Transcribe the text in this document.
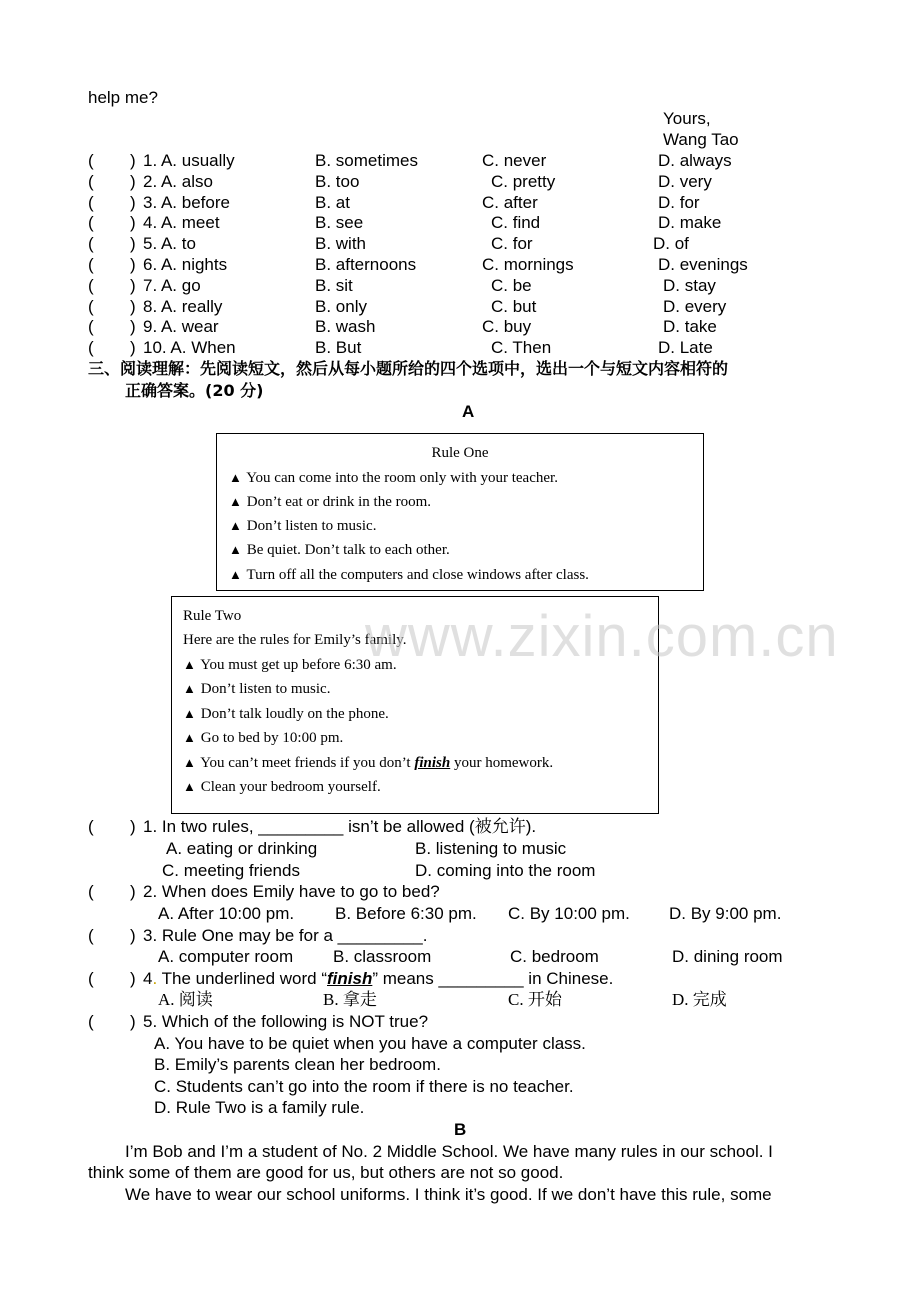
help me?
Yours,
Wang Tao
( ) 1. A. usually	B. sometimes	C. never	D. always
( ) 2. A. also	B. too	C. pretty	D. very
( ) 3. A. before	B. at	C. after	D. for
( ) 4. A. meet	B. see	C. find	D. make
( ) 5. A. to	B. with	C. for	D. of
( ) 6. A. nights	B. afternoons	C. mornings	D. evenings
( ) 7. A. go	B. sit	C. be	D. stay
( ) 8. A. really	B. only	C. but	D. every
( ) 9. A. wear	B. wash	C. buy	D. take
( ) 10. A. When	B. But	C. Then	D. Late
三、阅读理解：先阅读短文，然后从每小题所给的四个选项中，选出一个与短文内容相符的
正确答案。(20 分)
A
Rule One
▲ You can come into the room only with your teacher.
▲ Don’t eat or drink in the room.
▲ Don’t listen to music.
▲ Be quiet. Don’t talk to each other.
▲ Turn off all the computers and close windows after class.
Rule Two
Here are the rules for Emily’s family.
▲ You must get up before 6:30 am.
▲ Don’t listen to music.
▲ Don’t talk loudly on the phone.
▲ Go to bed by 10:00 pm.
▲ You can’t meet friends if you don’t finish your homework.
▲ Clean your bedroom yourself.
www.zixin.com.cn
( ) 1. In two rules, _________ isn’t be allowed (被允许).
A. eating or drinking	B. listening to music
C. meeting friends	D. coming into the room
( ) 2. When does Emily have to go to bed?
A. After 10:00 pm. B. Before 6:30 pm. C. By 10:00 pm. D. By 9:00 pm.
( ) 3. Rule One may be for a _________.
A. computer room B. classroom	C. bedroom	D. dining room
( ) 4. The underlined word “finish” means _________ in Chinese.
A. 阅读	B. 拿走	C. 开始	D. 完成
( ) 5. Which of the following is NOT true?
A. You have to be quiet when you have a computer class.
B. Emily’s parents clean her bedroom.
C. Students can’t go into the room if there is no teacher.
D. Rule Two is a family rule.
B
I’m Bob and I’m a student of No. 2 Middle School. We have many rules in our school. I
think some of them are good for us, but others are not so good.
We have to wear our school uniforms. I think it’s good. If we don’t have this rule, some
